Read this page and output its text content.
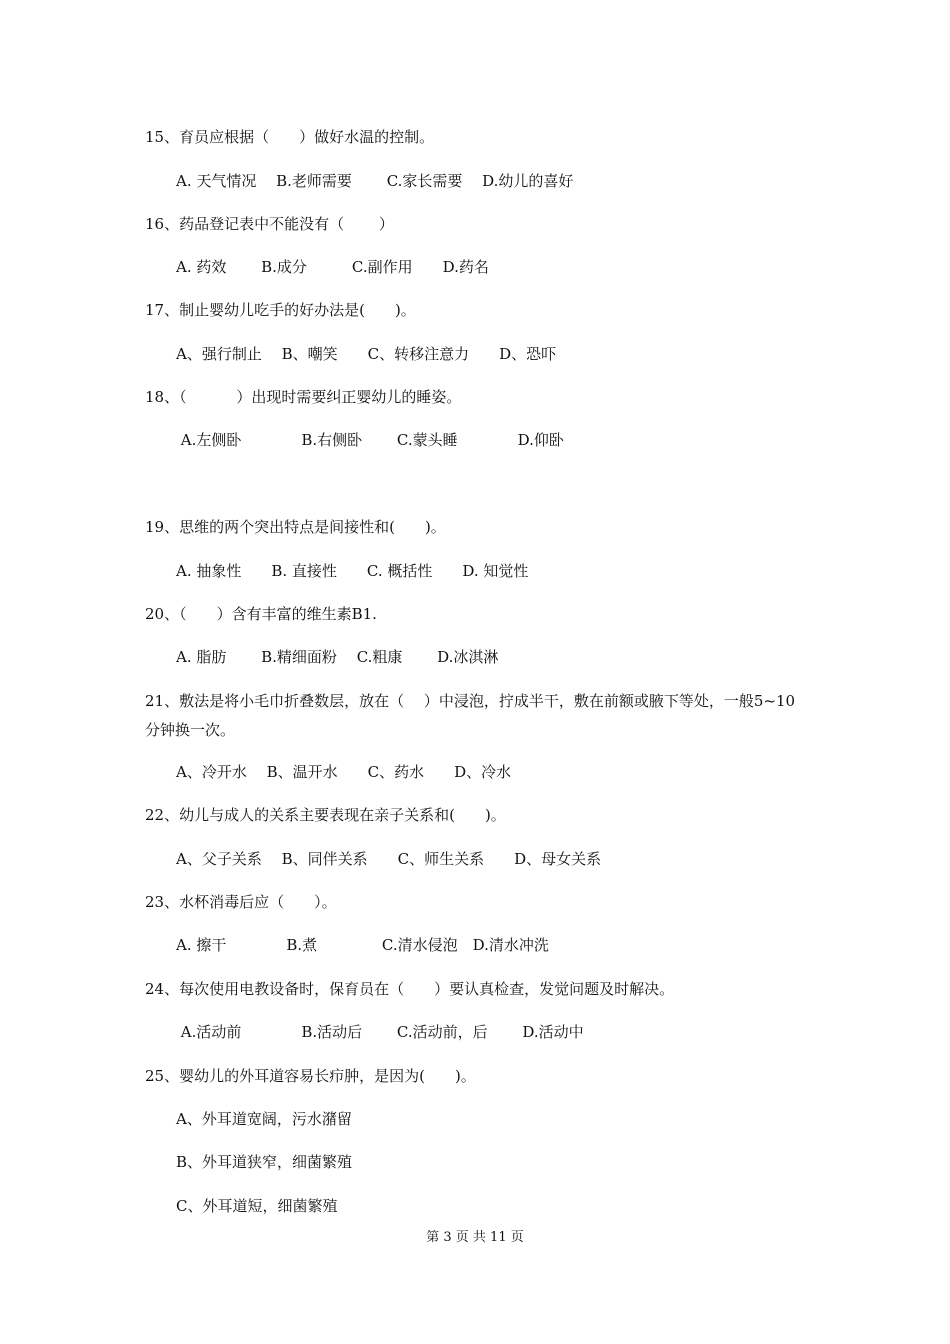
15、育员应根据（　　）做好水温的控制。
A. 天气情况　 B.老师需要　　 C.家长需要　 D.幼儿的喜好
16、药品登记表中不能没有（　　 ）
A. 药效　　 B.成分　　　C.副作用　　D.药名
17、制止婴幼儿吃手的好办法是(　　)。
A、强行制止　 B、嘲笑　　C、转移注意力　　D、恐吓
18、（　　　 ）出现时需要纠正婴幼儿的睡姿。
A.左侧卧　　　　B.右侧卧　　 C.蒙头睡　　　　D.仰卧
19、思维的两个突出特点是间接性和(　　)。
A. 抽象性　　B. 直接性　　C. 概括性　　D. 知觉性
20、（　　）含有丰富的维生素B1.
A. 脂肪　　 B.精细面粉　 C.粗康　　 D.冰淇淋
21、敷法是将小毛巾折叠数层，放在（　 ）中浸泡，拧成半干，敷在前额或腋下等处，一般5~10分钟换一次。
A、冷开水　 B、温开水　　C、药水　　D、冷水
22、幼儿与成人的关系主要表现在亲子关系和(　　)。
A、父子关系　 B、同伴关系　　C、师生关系　　D、母女关系
23、水杯消毒后应（　　）。
A. 擦干　　　　B.煮　　　　 C.清水侵泡　D.清水冲洗
24、每次使用电教设备时，保育员在（　　）要认真检查，发觉问题及时解决。
A.活动前　　　　B.活动后　　 C.活动前，后　　 D.活动中
25、婴幼儿的外耳道容易长疖肿，是因为(　　)。
A、外耳道宽阔，污水潴留
B、外耳道狭窄，细菌繁殖
C、外耳道短，细菌繁殖
第 3 页 共 11 页
